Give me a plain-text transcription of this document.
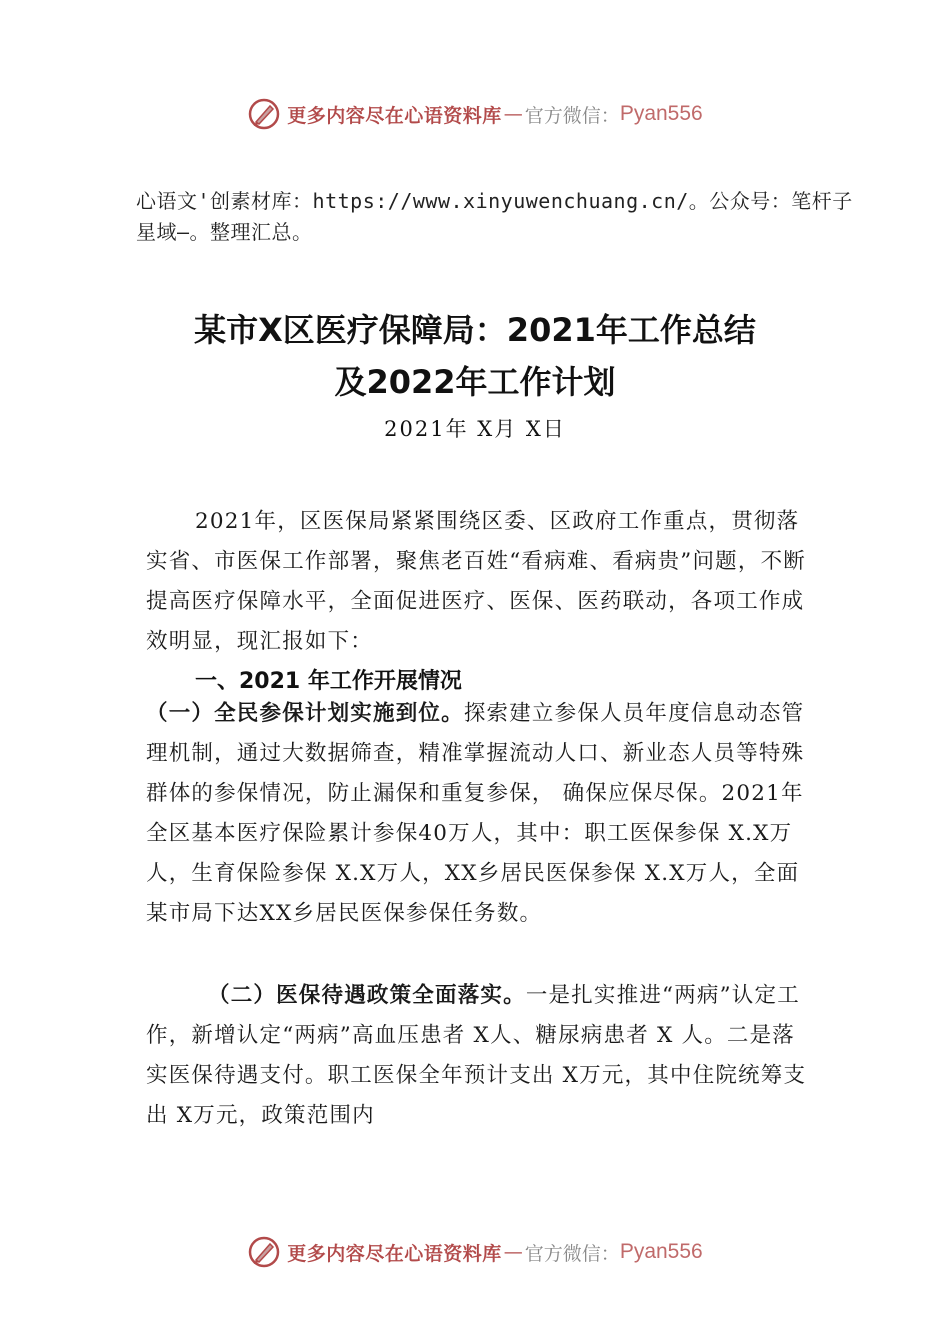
更多内容尽在心语资料库 — 官方微信： Pyan556
心语文'创素材库：https://www.xinyuwenchuang.cn/。公众号：笔杆子星域—。整理汇总。
某市X区医疗保障局：2021年工作总结
及2022年工作计划
2021年 X月 X日
2021年，区医保局紧紧围绕区委、区政府工作重点，贯彻落实省、市医保工作部署，聚焦老百姓“看病难、看病贵”问题，不断提高医疗保障水平，全面促进医疗、医保、医药联动，各项工作成效明显，现汇报如下：
一、2021 年工作开展情况
（一）全民参保计划实施到位。探索建立参保人员年度信息动态管理机制，通过大数据筛查，精准掌握流动人口、新业态人员等特殊群体的参保情况，防止漏保和重复参保， 确保应保尽保。2021年全区基本医疗保险累计参保40万人，其中：职工医保参保 X.X万人，生育保险参保 X.X万人，XX乡居民医保参保 X.X万人，全面某市局下达XX乡居民医保参保任务数。
（二）医保待遇政策全面落实。一是扎实推进“两病”认定工作，新增认定“两病”高血压患者 X人、糖尿病患者 X 人。二是落实医保待遇支付。职工医保全年预计支出 X万元，其中住院统筹支出 X万元，政策范围内
更多内容尽在心语资料库 — 官方微信： Pyan556
